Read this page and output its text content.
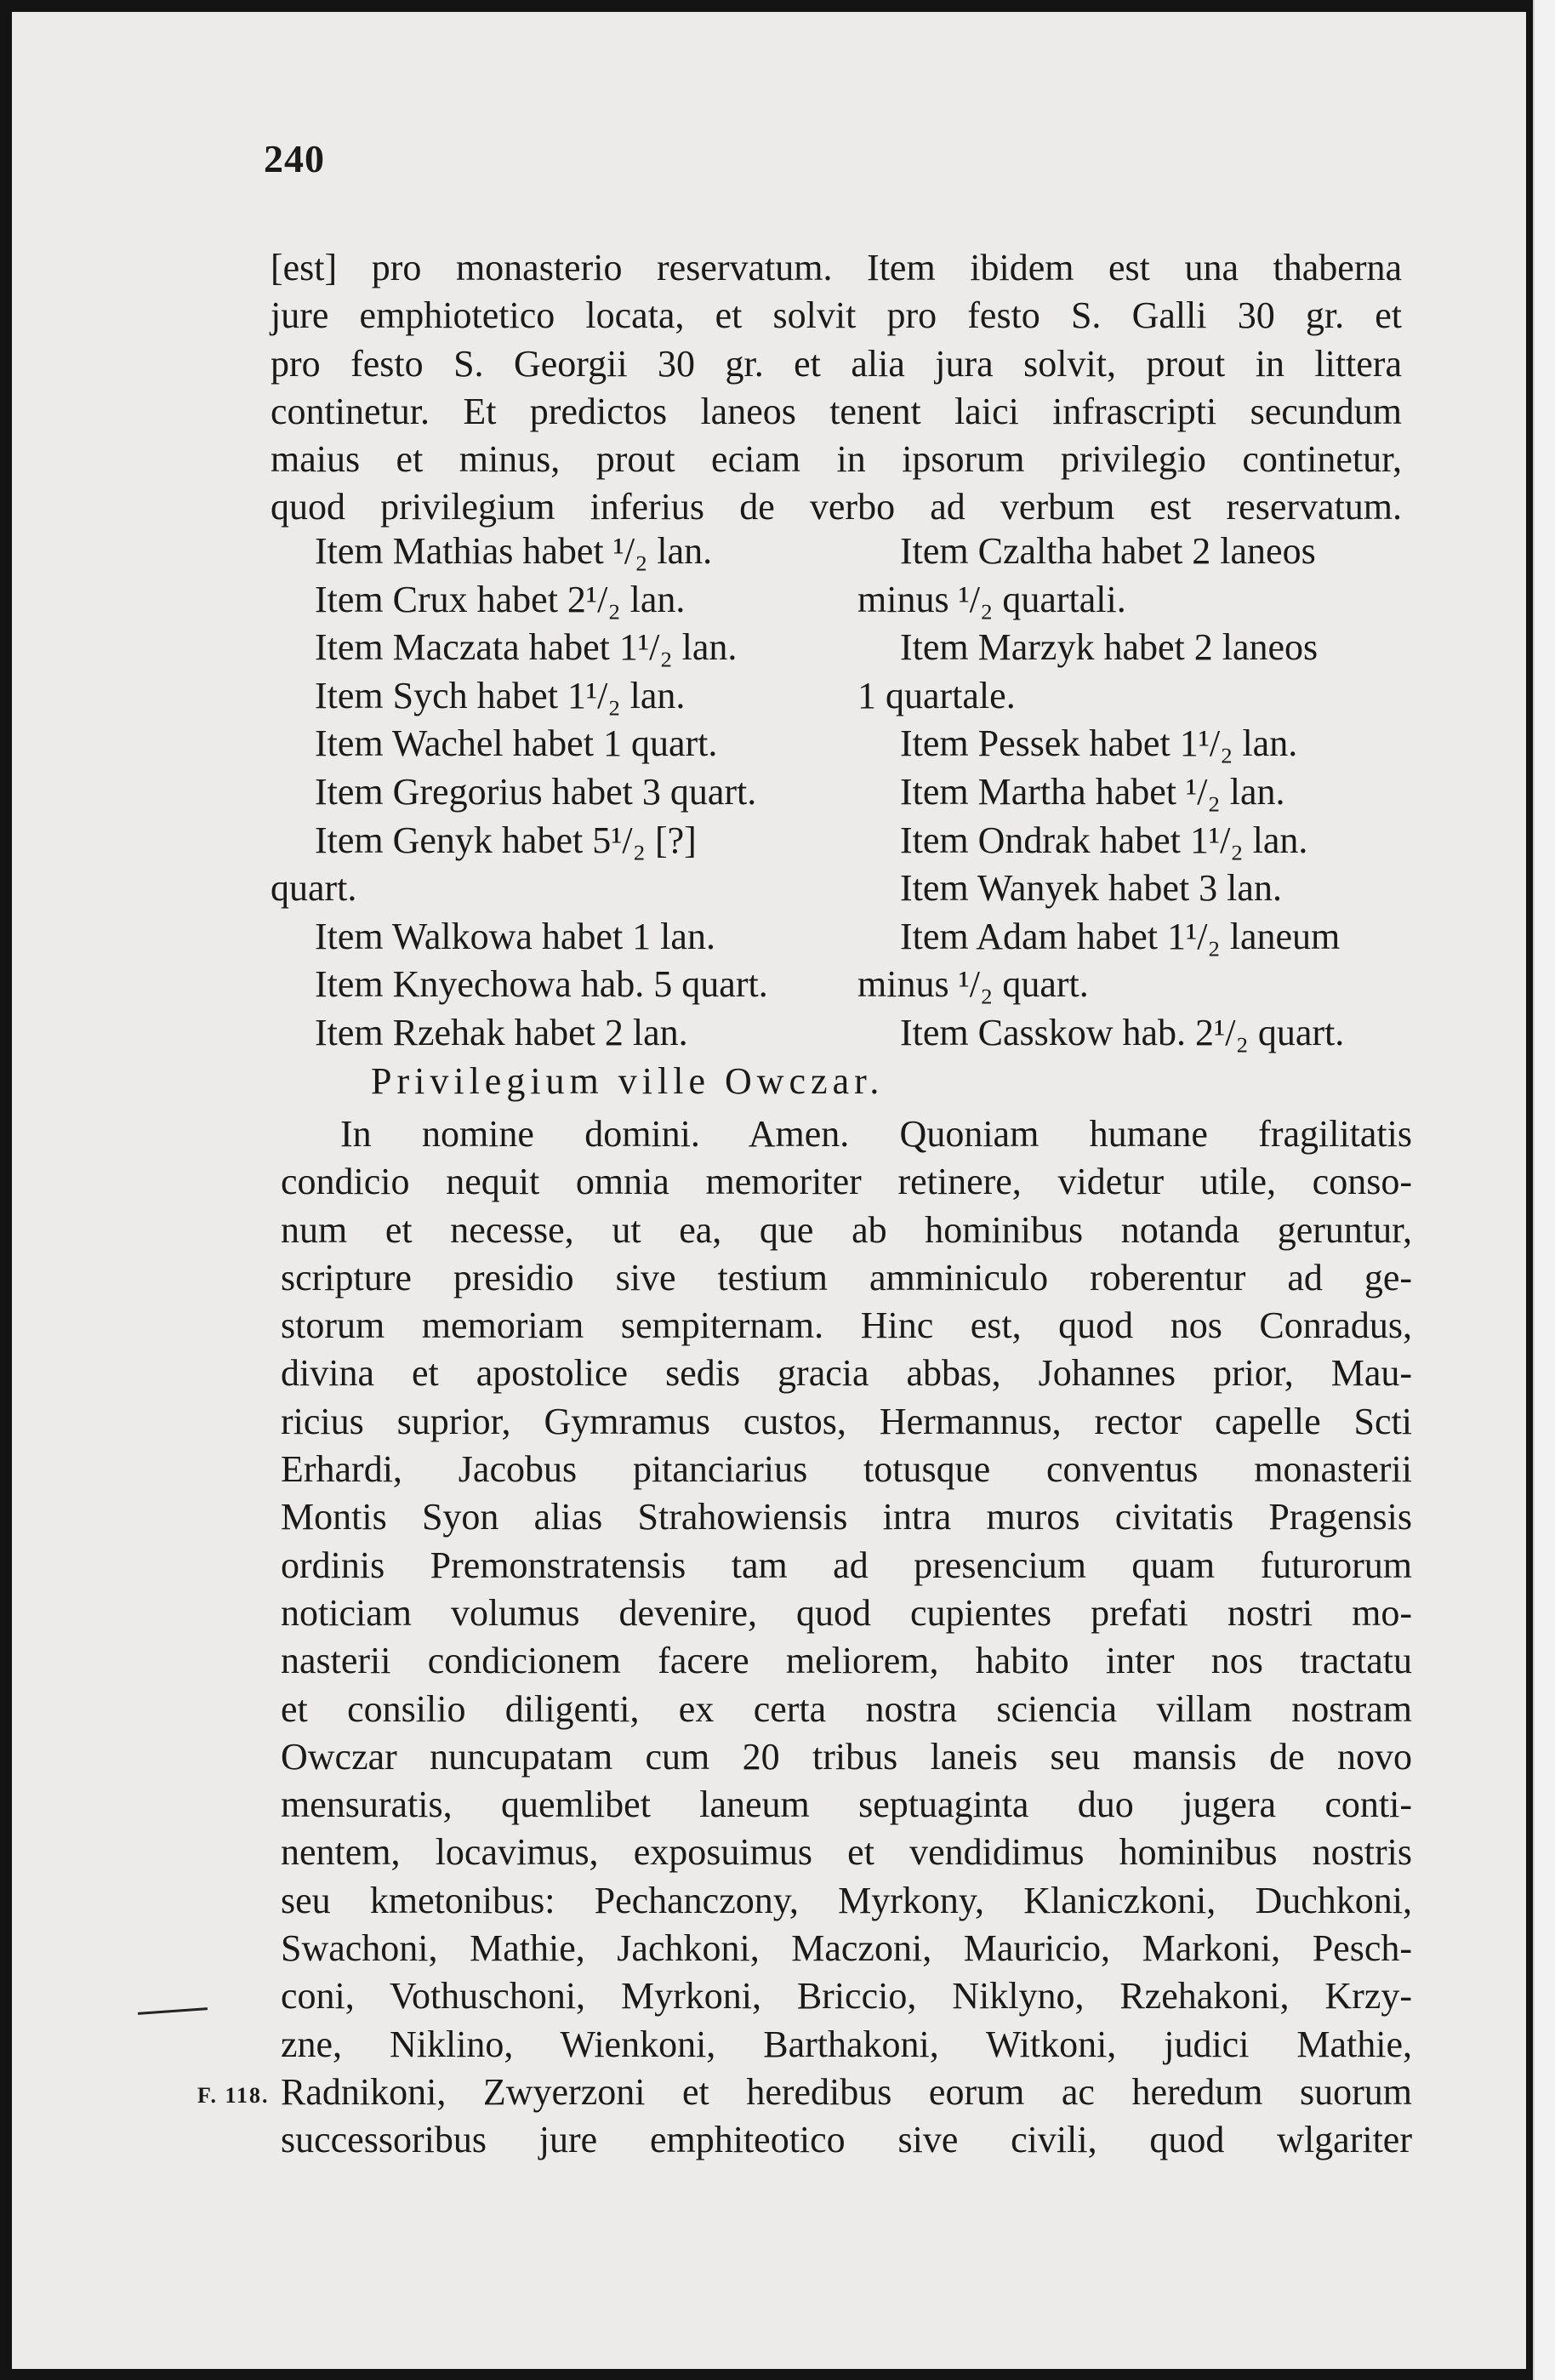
240
[est] pro monasterio reservatum. Item ibidem est una thaberna
jure emphiotetico locata, et solvit pro festo S. Galli 30 gr. et
pro festo S. Georgii 30 gr. et alia jura solvit, prout in littera
continetur. Et predictos laneos tenent laici infrascripti secundum
maius et minus, prout eciam in ipsorum privilegio continetur,
quod privilegium inferius de verbo ad verbum est reservatum.
Item Mathias habet ¹/₂ lan.
Item Crux habet 2¹/₂ lan.
Item Maczata habet 1¹/₂ lan.
Item Sych habet 1¹/₂ lan.
Item Wachel habet 1 quart.
Item Gregorius habet 3 quart.
Item Genyk habet 5¹/₂ [?]
quart.
Item Walkowa habet 1 lan.
Item Knyechowa hab. 5 quart.
Item Rzehak habet 2 lan.
Item Czaltha habet 2 laneos
minus ¹/₂ quartali.
Item Marzyk habet 2 laneos
1 quartale.
Item Pessek habet 1¹/₂ lan.
Item Martha habet ¹/₂ lan.
Item Ondrak habet 1¹/₂ lan.
Item Wanyek habet 3 lan.
Item Adam habet 1¹/₂ laneum
minus ¹/₂ quart.
Item Casskow hab. 2¹/₂ quart.
Privilegium ville Owczar.
In nomine domini. Amen. Quoniam humane fragilitatis
condicio nequit omnia memoriter retinere, videtur utile, conso-
num et necesse, ut ea, que ab hominibus notanda geruntur,
scripture presidio sive testium amminiculo roberentur ad ge-
storum memoriam sempiternam. Hinc est, quod nos Conradus,
divina et apostolice sedis gracia abbas, Johannes prior, Mau-
ricius suprior, Gymramus custos, Hermannus, rector capelle Scti
Erhardi, Jacobus pitanciarius totusque conventus monasterii
Montis Syon alias Strahowiensis intra muros civitatis Pragensis
ordinis Premonstratensis tam ad presencium quam futurorum
noticiam volumus devenire, quod cupientes prefati nostri mo-
nasterii condicionem facere meliorem, habito inter nos tractatu
et consilio diligenti, ex certa nostra sciencia villam nostram
Owczar nuncupatam cum 20 tribus laneis seu mansis de novo
mensuratis, quemlibet laneum septuaginta duo jugera conti-
nentem, locavimus, exposuimus et vendidimus hominibus nostris
seu kmetonibus: Pechanczony, Myrkony, Klaniczkoni, Duchkoni,
Swachoni, Mathie, Jachkoni, Maczoni, Mauricio, Markoni, Pesch-
coni, Vothuschoni, Myrkoni, Briccio, Niklyno, Rzehakoni, Krzy-
zne, Niklino, Wienkoni, Barthakoni, Witkoni, judici Mathie,
Radnikoni, Zwyerzoni et heredibus eorum ac heredum suorum
successoribus jure emphiteotico sive civili, quod wlgariter
F. 118.
